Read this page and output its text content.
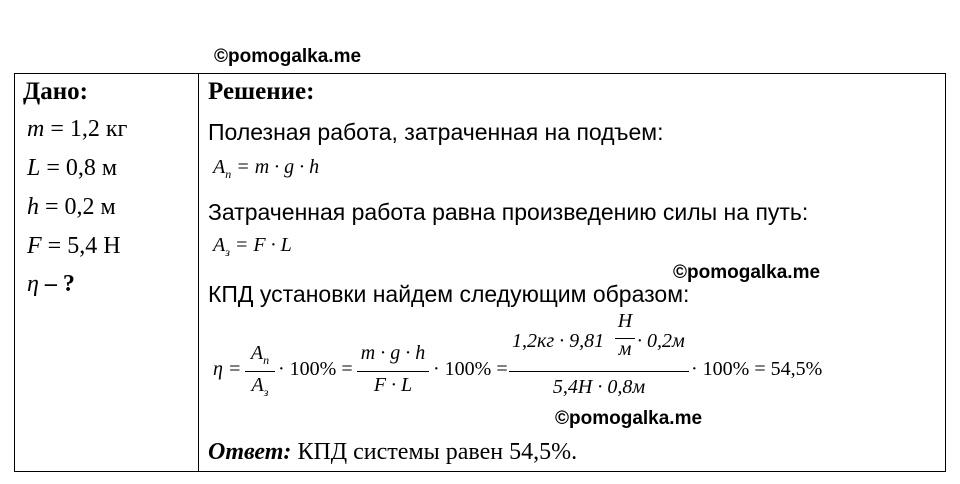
©pomogalka.me
Дано:
m = 1,2 кг
L = 0,8 м
h = 0,2 м
F = 5,4 Н
η – ?
Решение:
Полезная работа, затраченная на подъем:
$A_п = m \cdot g \cdot h$
Затраченная работа равна произведению силы на путь:
$A_з = F \cdot L$
©pomogalka.me
КПД установки найдем следующим образом:
η =
$A_п$
$A_з$
· 100% =
m · g · h
F · L
· 100% =
1,2кг · 9,81
Н
м · 0,2м
5,4Н · 0,8м
· 100% = 54,5%
©pomogalka.me
Ответ: КПД системы равен 54,5%.
